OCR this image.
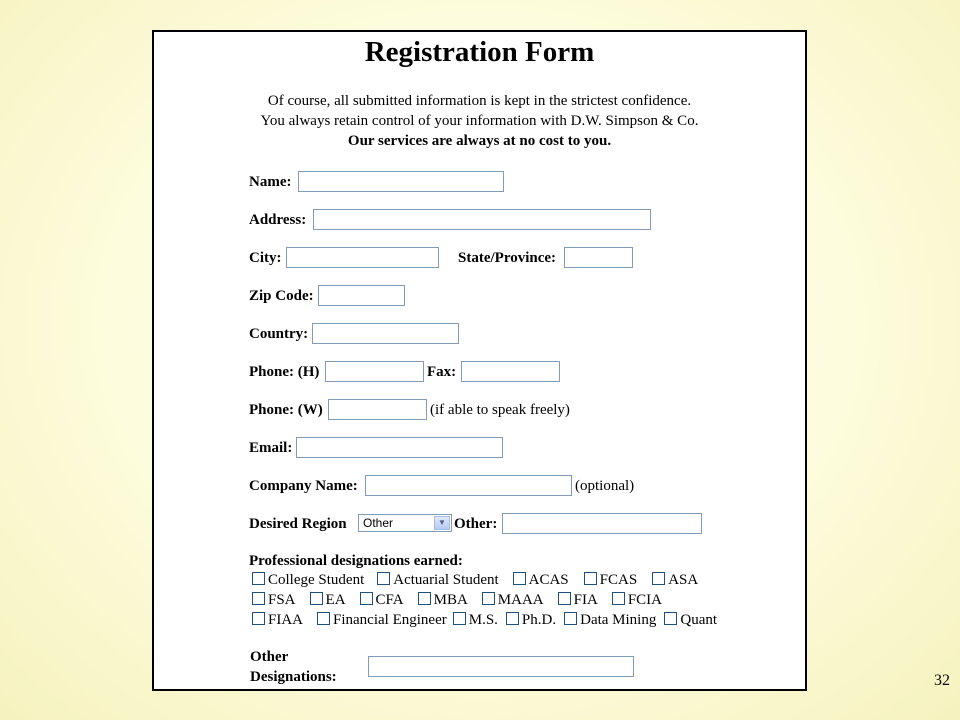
Registration Form
Of course, all submitted information is kept in the strictest confidence.
You always retain control of your information with D.W. Simpson & Co.
Our services are always at no cost to you.
Name:
Address:
City:	State/Province:
Zip Code:
Country:
Phone: (H)	Fax:
Phone: (W)	(if able to speak freely)
Email:
Company Name:	(optional)
Desired Region Other	▼ Other:
Professional designations earned:
College Student Actuarial Student ACAS FCAS ASA
FSA EA CFA MBA MAAA FIA FCIA
FIAA Financial Engineer M.S. Ph.D. Data Mining Quant
Other
Designations:	32
